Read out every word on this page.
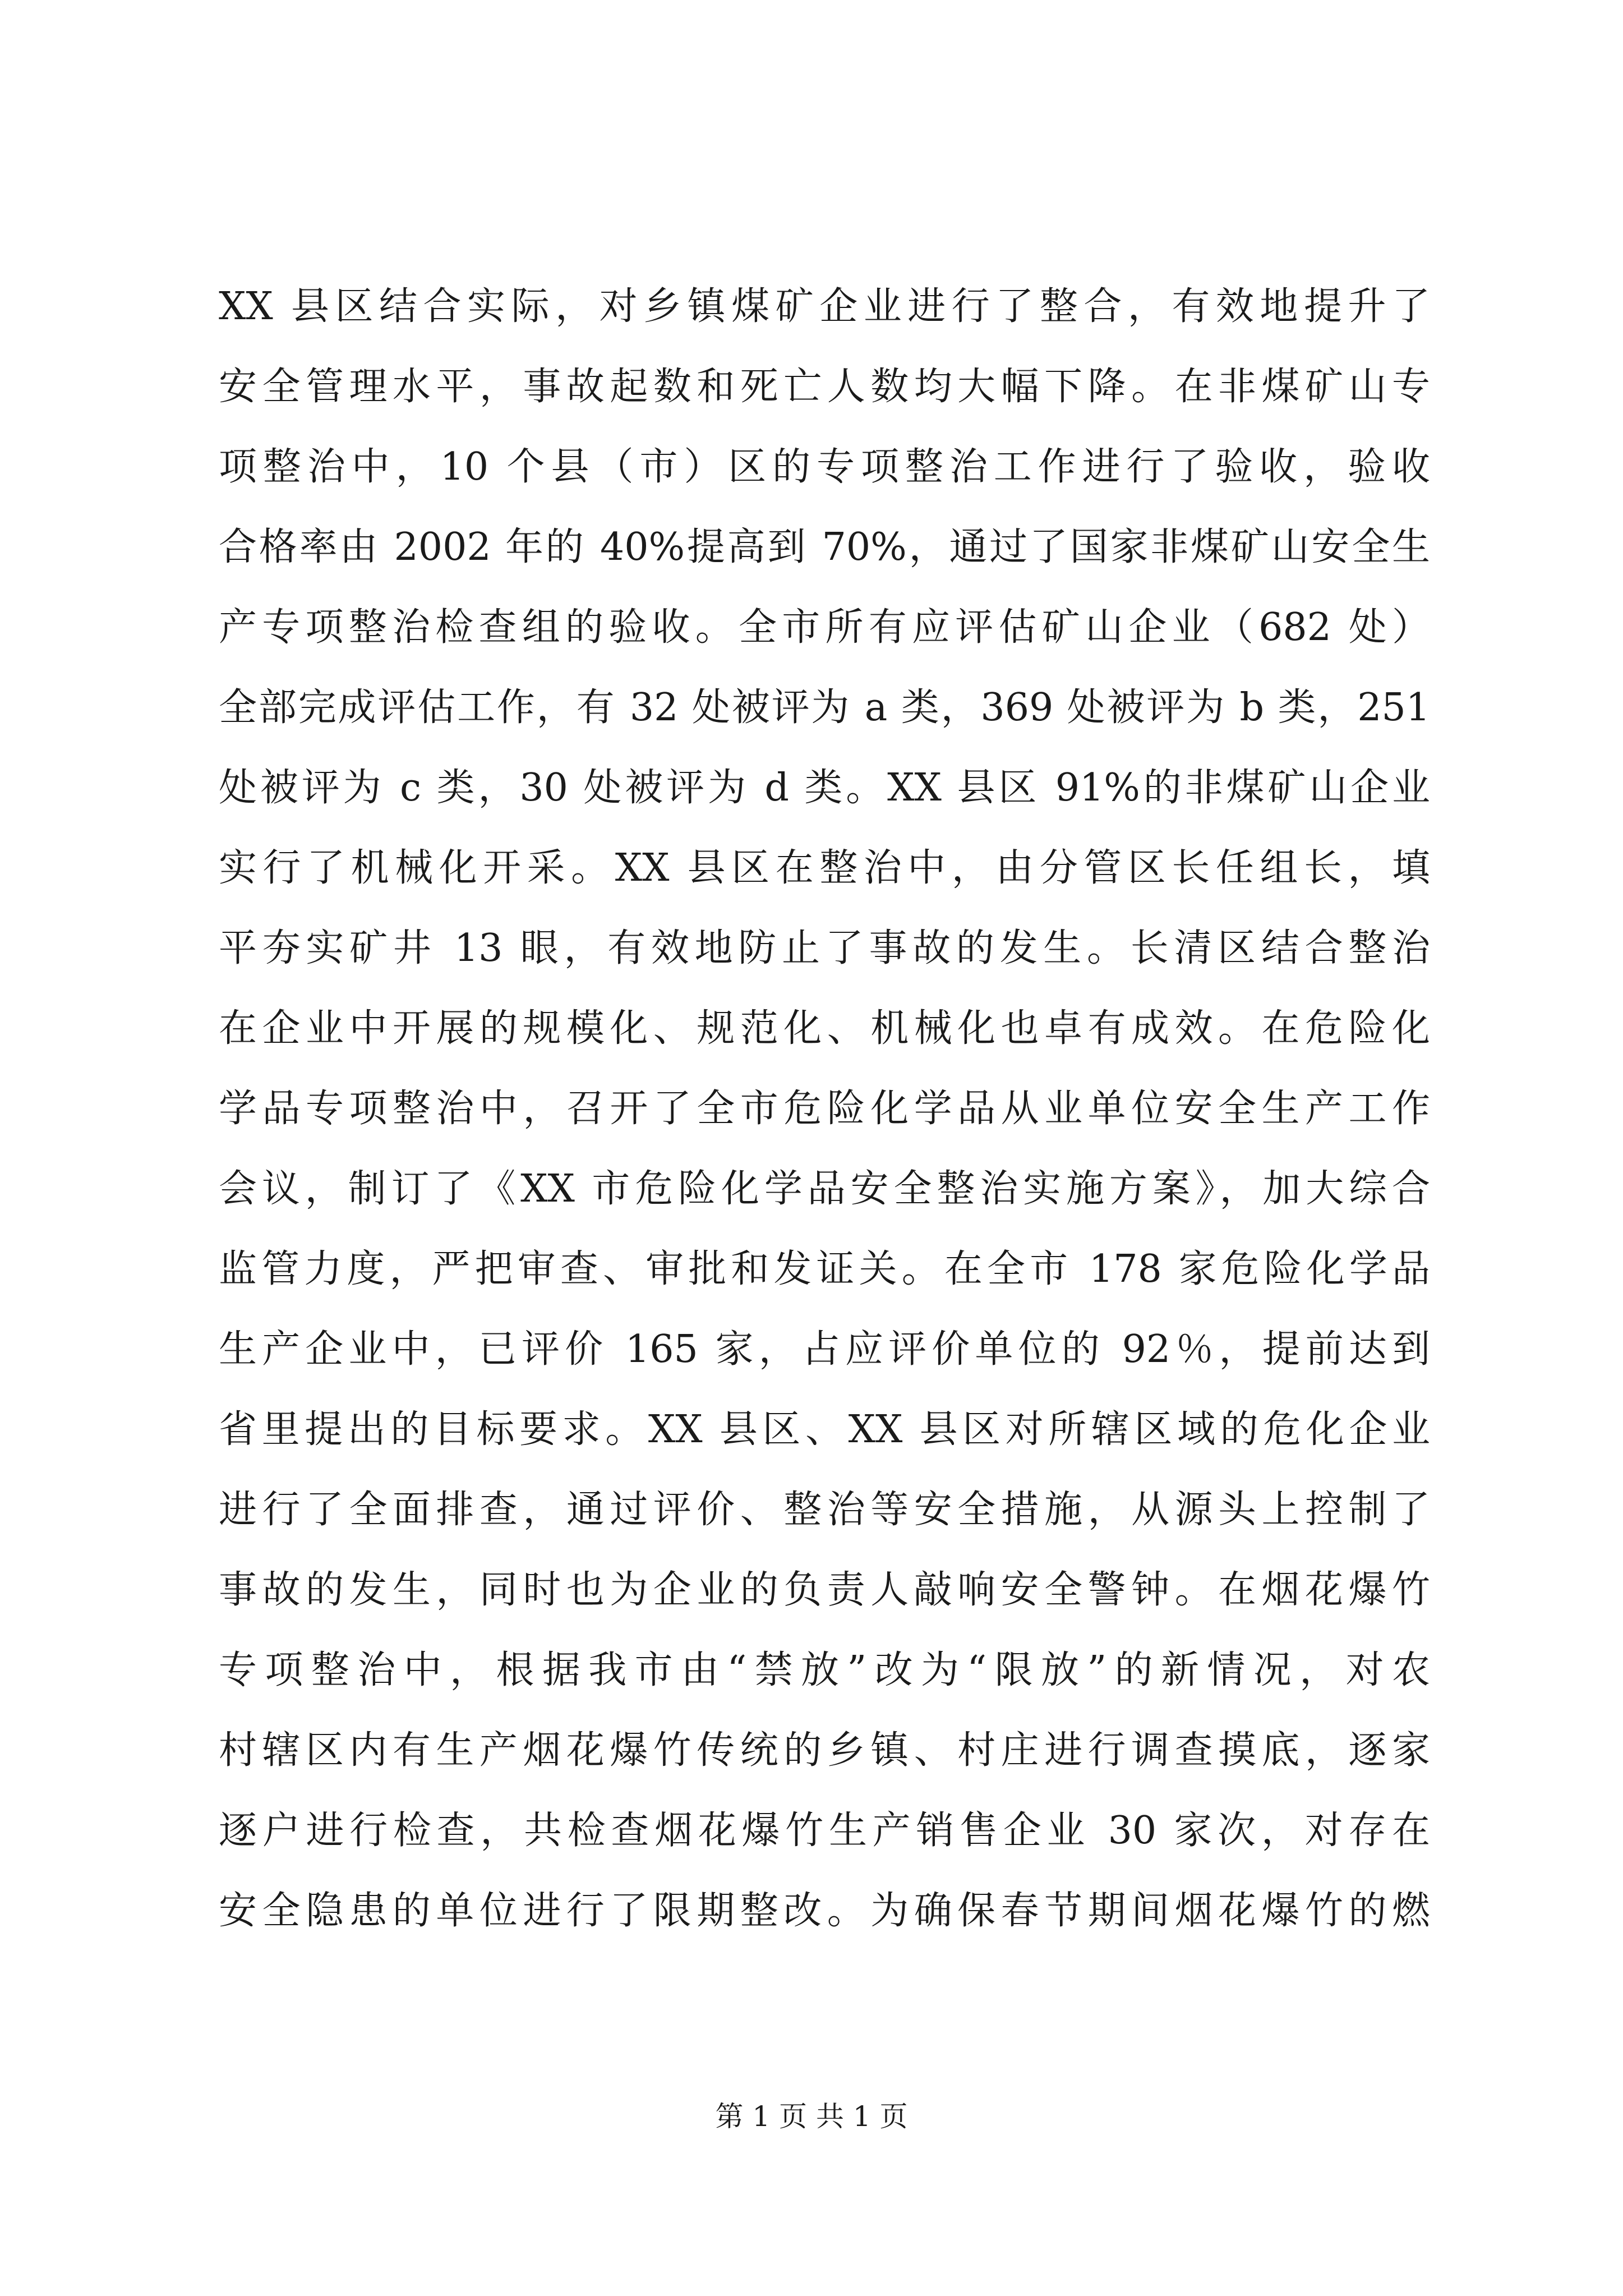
XX 县区结合实际，对乡镇煤矿企业进行了整合，有效地提升了
安全管理水平，事故起数和死亡人数均大幅下降。在非煤矿山专
项整治中，10 个县（市）区的专项整治工作进行了验收，验收
合格率由 2002 年的 40%提高到 70%，通过了国家非煤矿山安全生
产专项整治检查组的验收。全市所有应评估矿山企业（682 处）
全部完成评估工作，有 32 处被评为 a 类，369 处被评为 b 类，251
处被评为 c 类，30 处被评为 d 类。XX 县区 91%的非煤矿山企业
实行了机械化开采。XX 县区在整治中，由分管区长任组长，填
平夯实矿井 13 眼，有效地防止了事故的发生。长清区结合整治
在企业中开展的规模化、规范化、机械化也卓有成效。在危险化
学品专项整治中，召开了全市危险化学品从业单位安全生产工作
会议，制订了《XX 市危险化学品安全整治实施方案》，加大综合
监管力度，严把审查、审批和发证关。在全市 178 家危险化学品
生产企业中，已评价 165 家，占应评价单位的 92％，提前达到
省里提出的目标要求。XX 县区、XX 县区对所辖区域的危化企业
进行了全面排查，通过评价、整治等安全措施，从源头上控制了
事故的发生，同时也为企业的负责人敲响安全警钟。在烟花爆竹
专项整治中，根据我市由“禁放”改为“限放”的新情况，对农
村辖区内有生产烟花爆竹传统的乡镇、村庄进行调查摸底，逐家
逐户进行检查，共检查烟花爆竹生产销售企业 30 家次，对存在
安全隐患的单位进行了限期整改。为确保春节期间烟花爆竹的燃
第 1 页 共 1 页
